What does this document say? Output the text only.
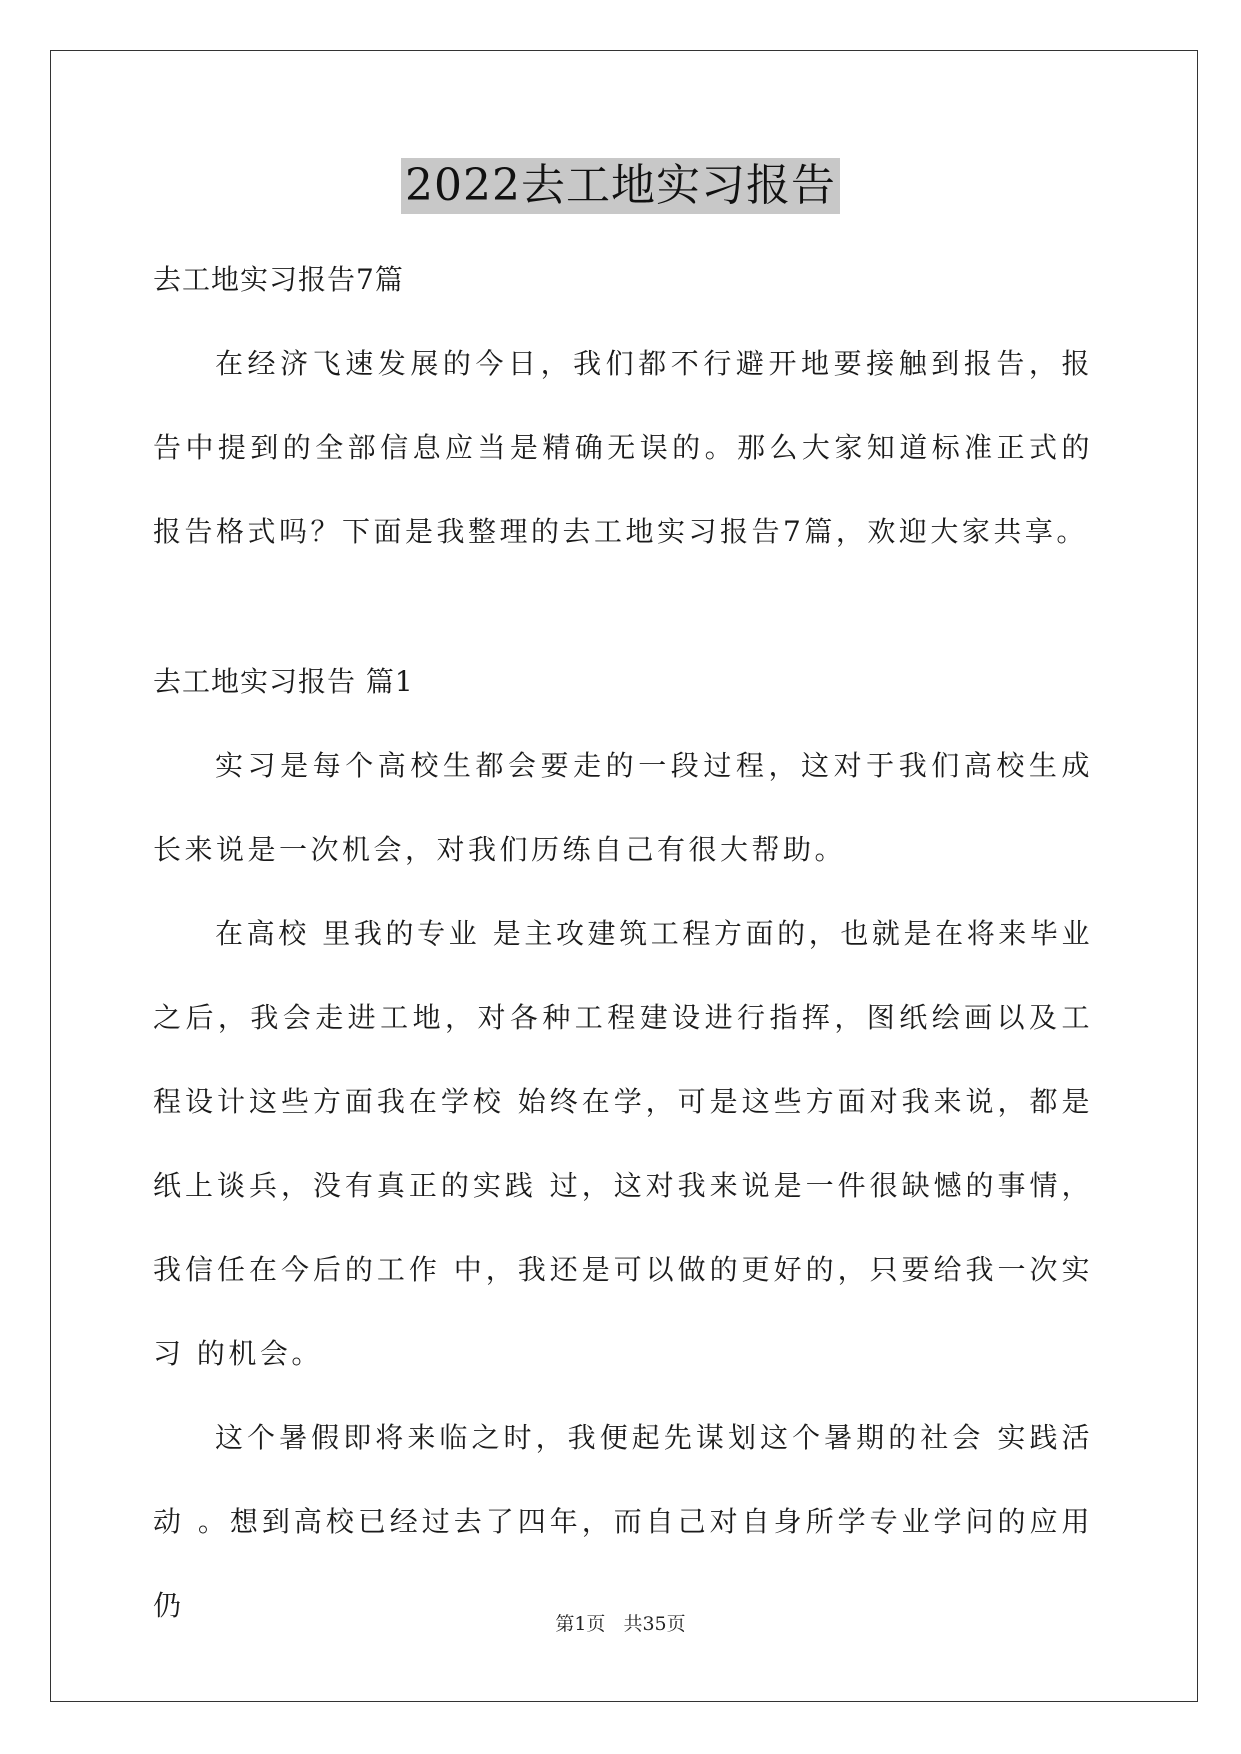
2022去工地实习报告

去工地实习报告7篇

在经济飞速发展的今日，我们都不行避开地要接触到报告，报告中提到的全部信息应当是精确无误的。那么大家知道标准正式的报告格式吗？下面是我整理的去工地实习报告7篇，欢迎大家共享。

去工地实习报告 篇1

实习是每个高校生都会要走的一段过程，这对于我们高校生成长来说是一次机会，对我们历练自己有很大帮助。

在高校 里我的专业 是主攻建筑工程方面的，也就是在将来毕业之后，我会走进工地，对各种工程建设进行指挥，图纸绘画以及工程设计这些方面我在学校 始终在学，可是这些方面对我来说，都是纸上谈兵，没有真正的实践 过，这对我来说是一件很缺憾的事情，我信任在今后的工作 中，我还是可以做的更好的，只要给我一次实习 的机会。

这个暑假即将来临之时，我便起先谋划这个暑期的社会 实践活动 。想到高校已经过去了四年，而自己对自身所学专业学问的应用仍

第1页 共35页
